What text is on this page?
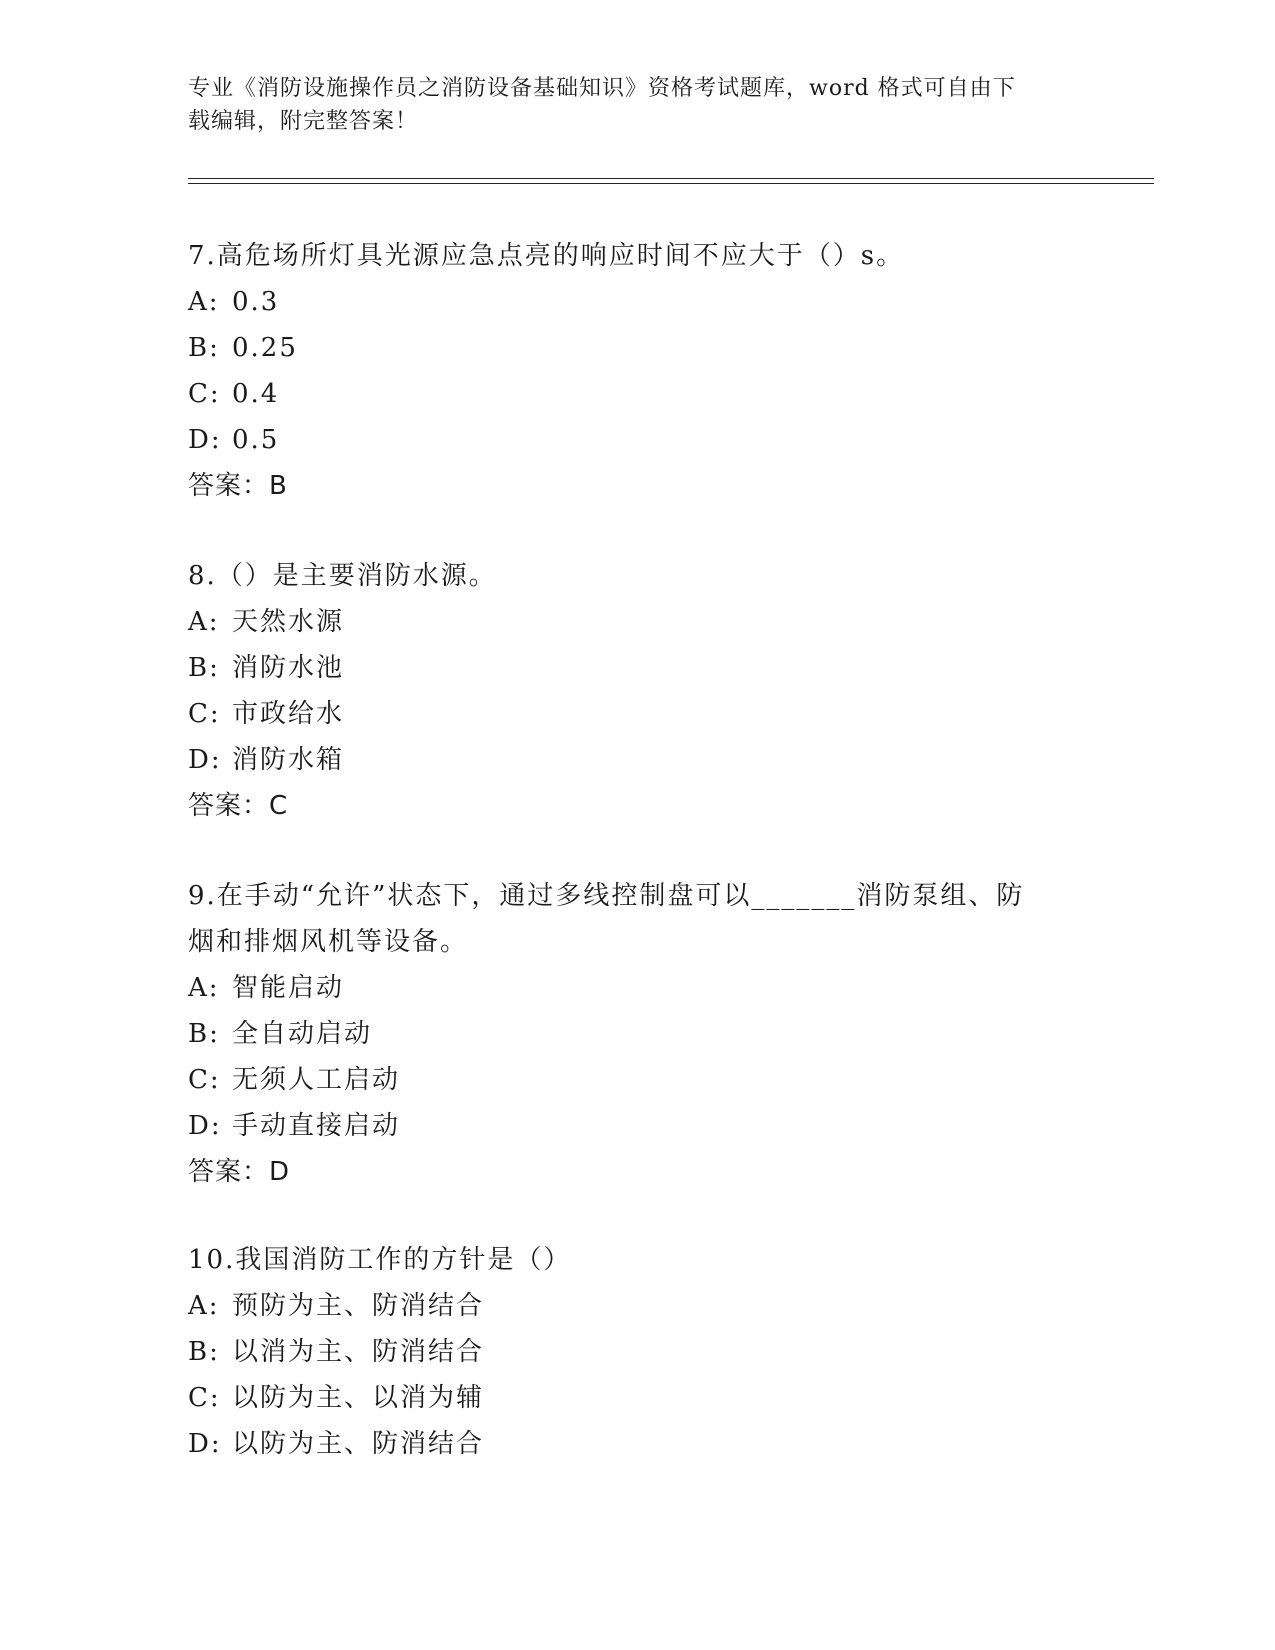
专业《消防设施操作员之消防设备基础知识》资格考试题库，word 格式可自由下
载编辑，附完整答案！

7.高危场所灯具光源应急点亮的响应时间不应大于（）s。

A: 0.3

B: 0.25

C: 0.4

D: 0.5

答案：B

8.（）是主要消防水源。

A: 天然水源

B: 消防水池

C: 市政给水

D: 消防水箱

答案：C

9.在手动“允许”状态下，通过多线控制盘可以_______消防泵组、防

烟和排烟风机等设备。

A: 智能启动

B: 全自动启动

C: 无须人工启动

D: 手动直接启动

答案：D

10.我国消防工作的方针是（）

A: 预防为主、防消结合

B: 以消为主、防消结合

C: 以防为主、以消为辅

D: 以防为主、防消结合
